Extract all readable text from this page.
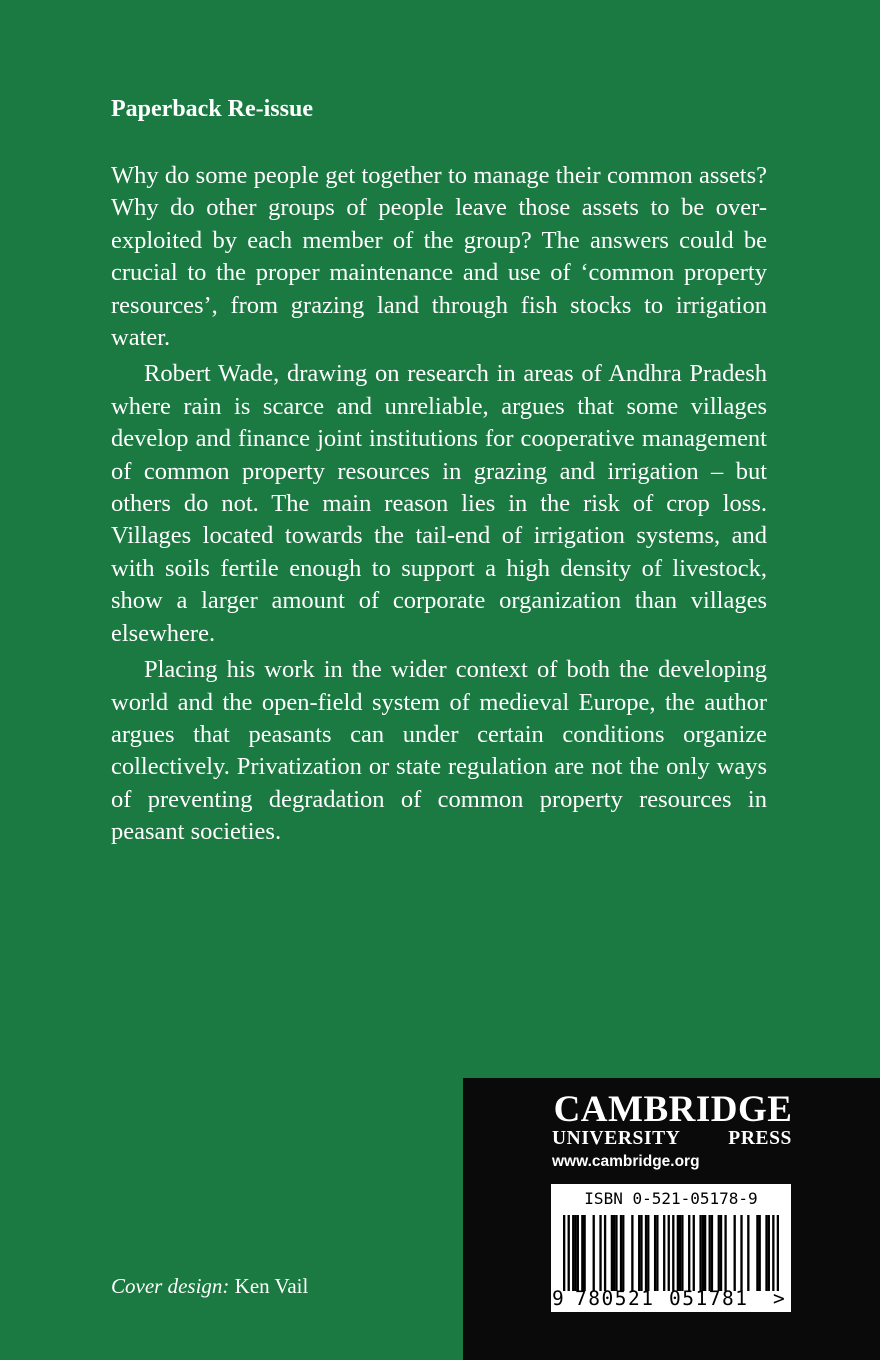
Paperback Re-issue

Why do some people get together to manage their common assets? Why do other groups of people leave those assets to be over-exploited by each member of the group? The answers could be crucial to the proper maintenance and use of ‘common property resources’, from grazing land through fish stocks to irrigation water.

Robert Wade, drawing on research in areas of Andhra Pradesh where rain is scarce and unreliable, argues that some villages develop and finance joint institutions for cooperative management of common property resources in grazing and irrigation – but others do not. The main reason lies in the risk of crop loss. Villages located towards the tail-end of irrigation systems, and with soils fertile enough to support a high density of livestock, show a larger amount of corporate organization than villages elsewhere.

Placing his work in the wider context of both the developing world and the open-field system of medieval Europe, the author argues that peasants can under certain conditions organize collectively. Privatization or state regulation are not the only ways of preventing degradation of common property resources in peasant societies.

Cover design: Ken Vail
CAMBRIDGE
UNIVERSITY PRESS
www.cambridge.org
ISBN 0-521-05178-9
9 780521 051781 >
